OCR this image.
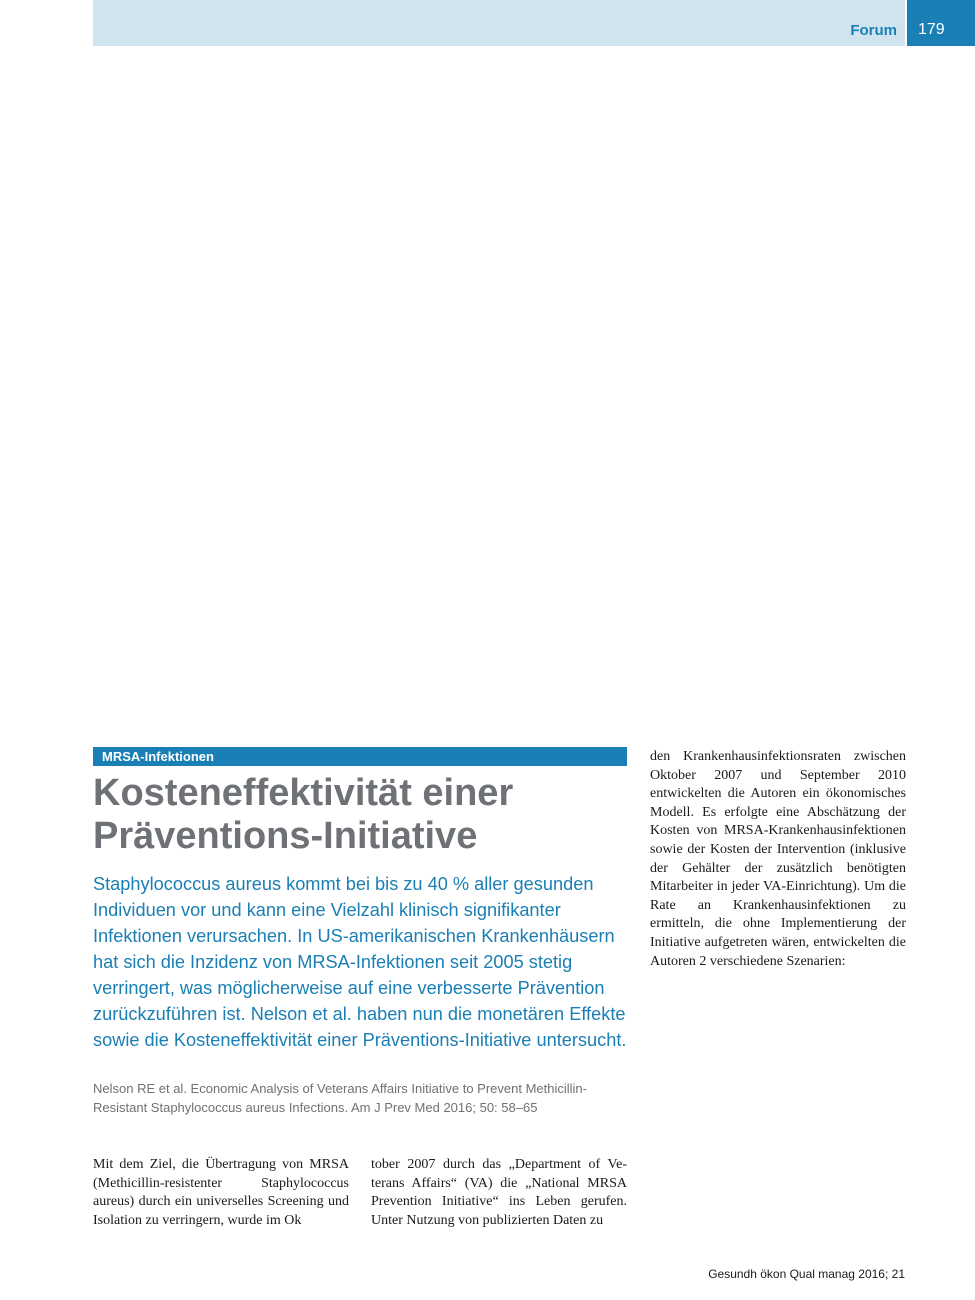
Forum	179
MRSA-Infektionen
Kosteneffektivität einer Präventions-Initiative

Staphylococcus aureus kommt bei bis zu 40 % aller gesunden Individuen vor und kann eine Vielzahl klinisch signifikanter Infektionen verursachen. In US-amerikanischen Krankenhäusern hat sich die Inzidenz von MRSA-Infektionen seit 2005 stetig verringert, was möglicherweise auf eine verbesserte Prävention zurückzuführen ist. Nelson et al. haben nun die monetären Effekte sowie die Kosteneffektivität einer Präventions-Initiative untersucht.

Nelson RE et al. Economic Analysis of Veterans Affairs Initiative to Prevent Methicillin-Resistant Staphylococcus aureus Infections. Am J Prev Med 2016; 50: 58–65

Mit dem Ziel, die Übertragung von MRSA (Methicillin-resistenter Staphylococcus aureus) durch ein universelles Screening und Isolation zu verringern, wurde im Ok

tober 2007 durch das „Department of Veterans Affairs“ (VA) die „National MRSA Prevention Initiative“ ins Leben gerufen. Unter Nutzung von publizierten Daten zu

den Krankenhausinfektionsraten zwischen Oktober 2007 und September 2010 entwickelten die Autoren ein ökonomisches Modell. Es erfolgte eine Abschätzung der Kosten von MRSA-Krankenhausinfektionen sowie der Kosten der Intervention (inklusive der Gehälter der zusätzlich benötigten Mitarbeiter in jeder VA-Einrichtung). Um die Rate an Krankenhausinfektionen zu ermitteln, die ohne Implementierung der Initiative aufgetreten wären, entwickelten die Autoren 2 verschiedene Szenarien:

Gesundh ökon Qual manag 2016; 21
